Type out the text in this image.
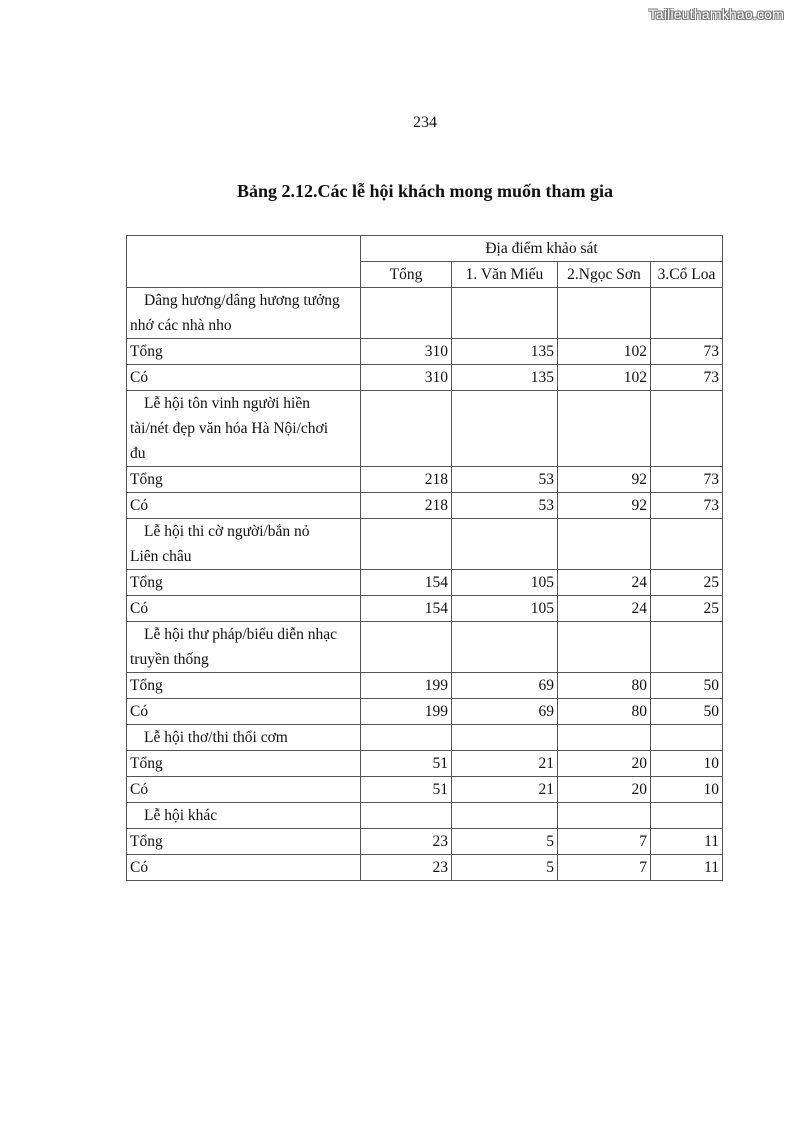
Tailieuthamkhao.com
234
Bảng 2.12.Các lễ hội khách mong muốn tham gia
	Địa điểm khảo sát			
	Tổng	1. Văn Miếu	2.Ngọc Sơn	3.Cổ Loa

Dâng hương/dâng hương tưởng
nhớ các nhà nho				

Tổng	310	135	102	73
Có	310	135	102	73

Lễ hội tôn vinh người hiền
tài/nét đẹp văn hóa Hà Nội/chơi
đu				

Tổng	218	53	92	73
Có	218	53	92	73

Lễ hội thi cờ người/bắn nỏ
Liên châu				

Tổng	154	105	24	25
Có	154	105	24	25

Lễ hội thư pháp/biểu diễn nhạc
truyền thống				

Tổng	199	69	80	50
Có	199	69	80	50

Lễ hội thơ/thi thổi cơm				

Tổng	51	21	20	10
Có	51	21	20	10

Lễ hội khác				

Tổng	23	5	7	11
Có	23	5	7	11
